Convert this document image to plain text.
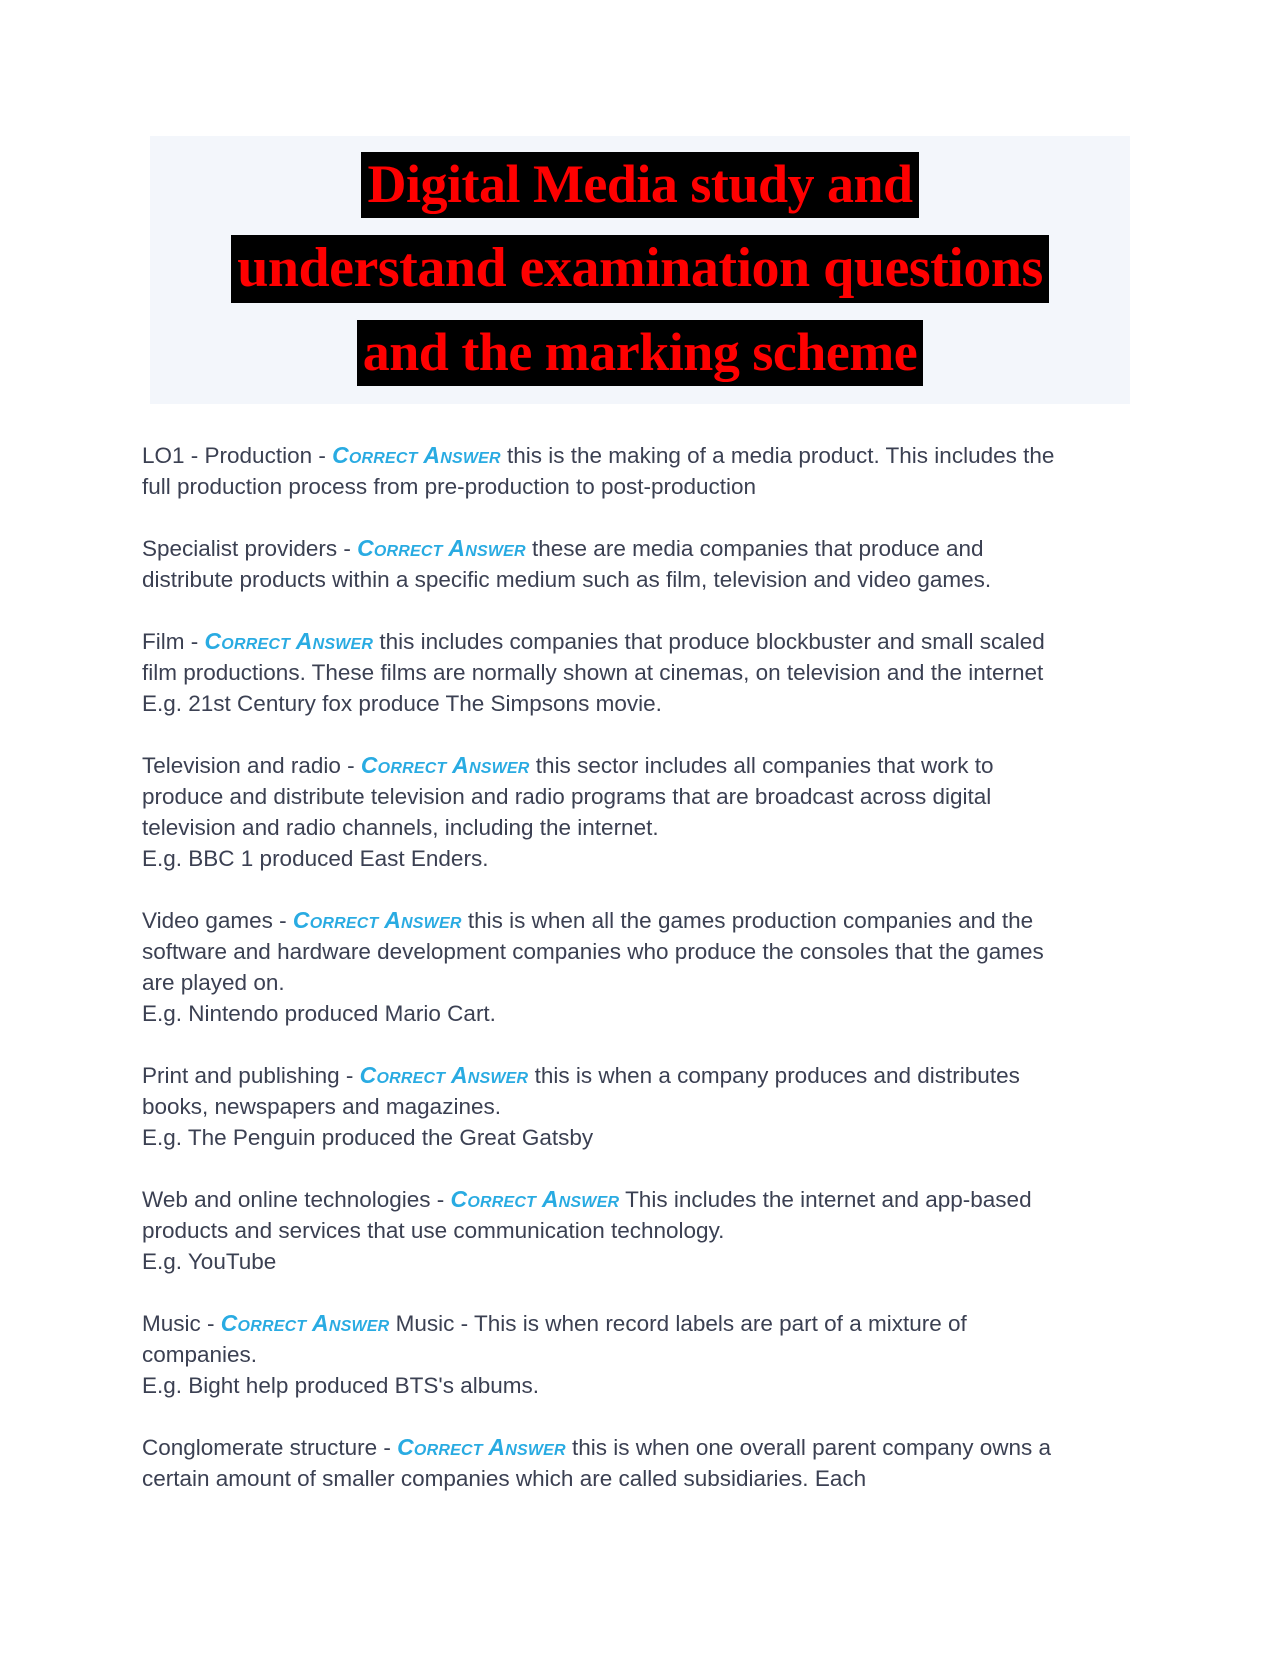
Digital Media study and
understand examination questions
and the marking scheme

LO1 - Production - Correct Answer this is the making of a media product. This includes the full production process from pre-production to post-production

Specialist providers - Correct Answer these are media companies that produce and distribute products within a specific medium such as film, television and video games.

Film - Correct Answer this includes companies that produce blockbuster and small scaled film productions. These films are normally shown at cinemas, on television and the internet
E.g. 21st Century fox produce The Simpsons movie.

Television and radio - Correct Answer this sector includes all companies that work to produce and distribute television and radio programs that are broadcast across digital television and radio channels, including the internet.
E.g. BBC 1 produced East Enders.

Video games - Correct Answer this is when all the games production companies and the software and hardware development companies who produce the consoles that the games are played on.
E.g. Nintendo produced Mario Cart.

Print and publishing - Correct Answer this is when a company produces and distributes books, newspapers and magazines.
E.g. The Penguin produced the Great Gatsby

Web and online technologies - Correct Answer This includes the internet and app-based products and services that use communication technology.
E.g. YouTube

Music - Correct Answer Music - This is when record labels are part of a mixture of companies.
E.g. Bight help produced BTS's albums.

Conglomerate structure - Correct Answer this is when one overall parent company owns a certain amount of smaller companies which are called subsidiaries. Each
